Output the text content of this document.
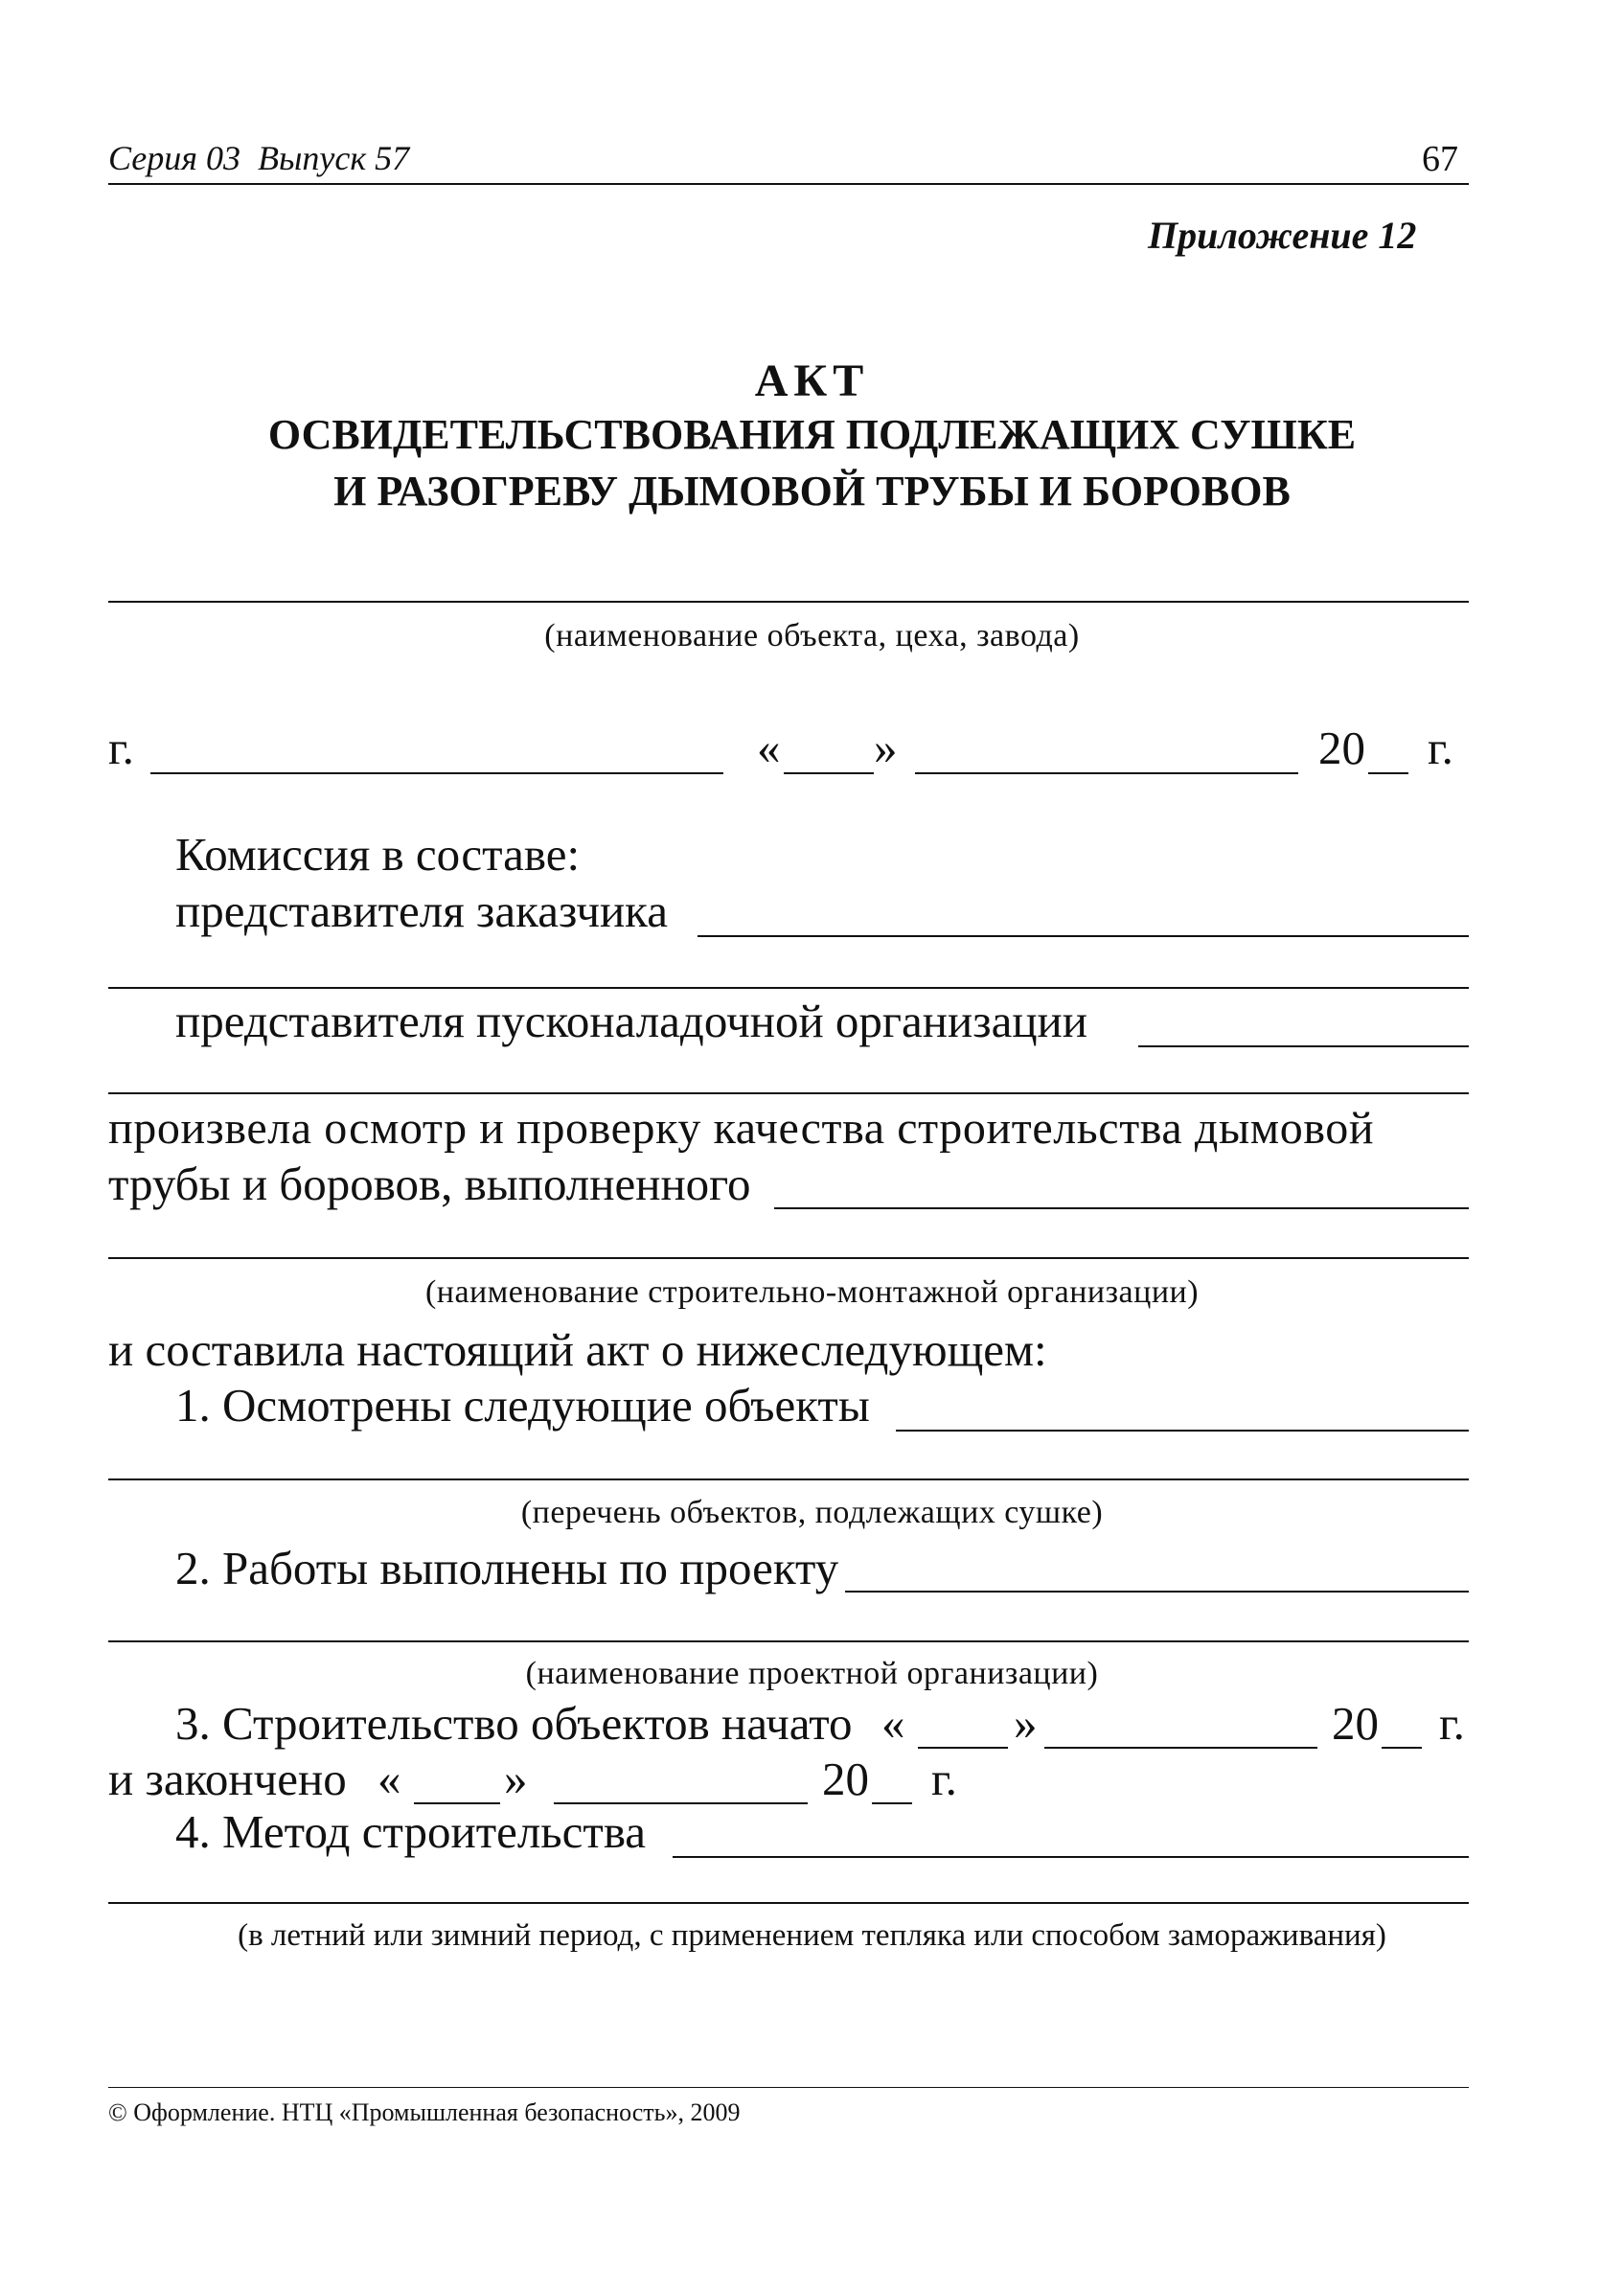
Серия 03 Выпуск 57	67
Приложение 12
АКТ
ОСВИДЕТЕЛЬСТВОВАНИЯ ПОДЛЕЖАЩИХ СУШКЕ
И РАЗОГРЕВУ ДЫМОВОЙ ТРУБЫ И БОРОВОВ
(наименование объекта, цеха, завода)
г.	« »	20 г.
Комиссия в составе:
представителя заказчика
представителя пусконаладочной организации
произвела осмотр и проверку качества строительства дымовой
трубы и боровов, выполненного
(наименование строительно-монтажной организации)
и составила настоящий акт о нижеследующем:
1. Осмотрены следующие объекты
(перечень объектов, подлежащих сушке)
2. Работы выполнены по проекту
(наименование проектной организации)
3. Строительство объектов начато « »	20 г.
и закончено « »	20 г.
4. Метод строительства
(в летний или зимний период, с применением тепляка или способом замораживания)
© Оформление. НТЦ «Промышленная безопасность», 2009
